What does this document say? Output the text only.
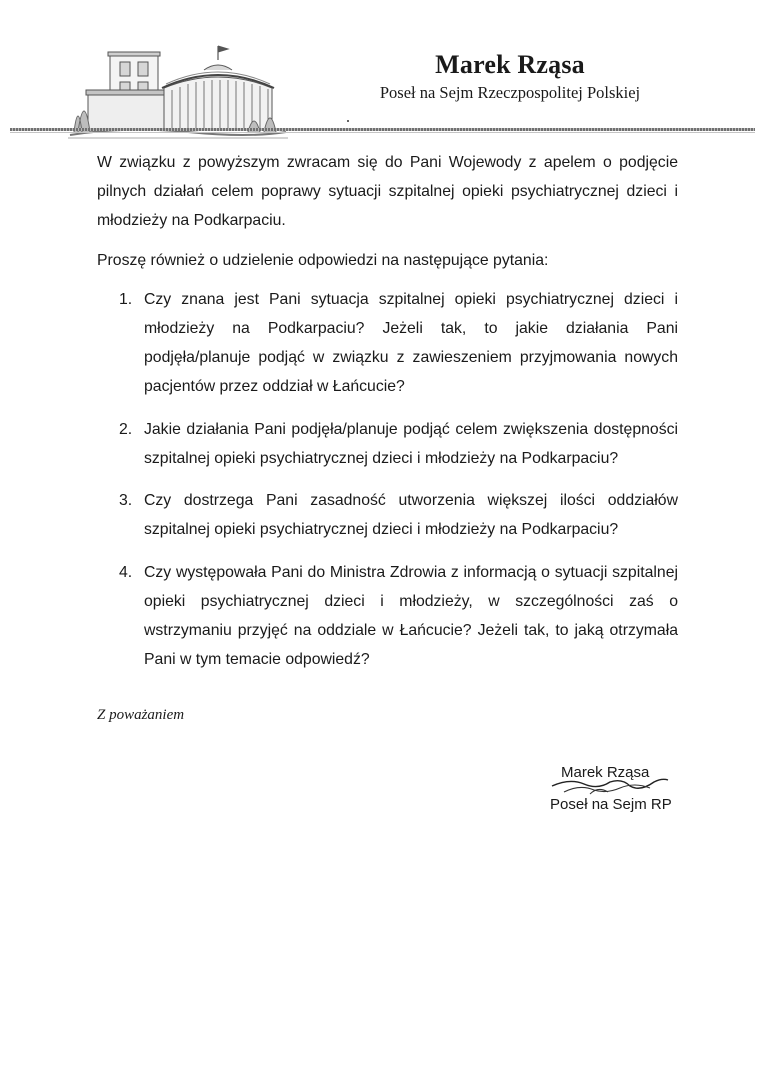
Marek Rząsa
Poseł na Sejm Rzeczpospolitej Polskiej

W związku z powyższym zwracam się do Pani Wojewody z apelem o podjęcie pilnych działań celem poprawy sytuacji szpitalnej opieki psychiatrycznej dzieci i młodzieży na Podkarpaciu.

Proszę również o udzielenie odpowiedzi na następujące pytania:

1. Czy znana jest Pani sytuacja szpitalnej opieki psychiatrycznej dzieci i młodzieży na Podkarpaciu? Jeżeli tak, to jakie działania Pani podjęła/planuje podjąć w związku z zawieszeniem przyjmowania nowych pacjentów przez oddział w Łańcucie?
2. Jakie działania Pani podjęła/planuje podjąć celem zwiększenia dostępności szpitalnej opieki psychiatrycznej dzieci i młodzieży na Podkarpaciu?
3. Czy dostrzega Pani zasadność utworzenia większej ilości oddziałów szpitalnej opieki psychiatrycznej dzieci i młodzieży na Podkarpaciu?
4. Czy występowała Pani do Ministra Zdrowia z informacją o sytuacji szpitalnej opieki psychiatrycznej dzieci i młodzieży, w szczególności zaś o wstrzymaniu przyjęć na oddziale w Łańcucie? Jeżeli tak, to jaką otrzymała Pani w tym temacie odpowiedź?
Z poważaniem
Marek Rząsa
Poseł na Sejm RP
